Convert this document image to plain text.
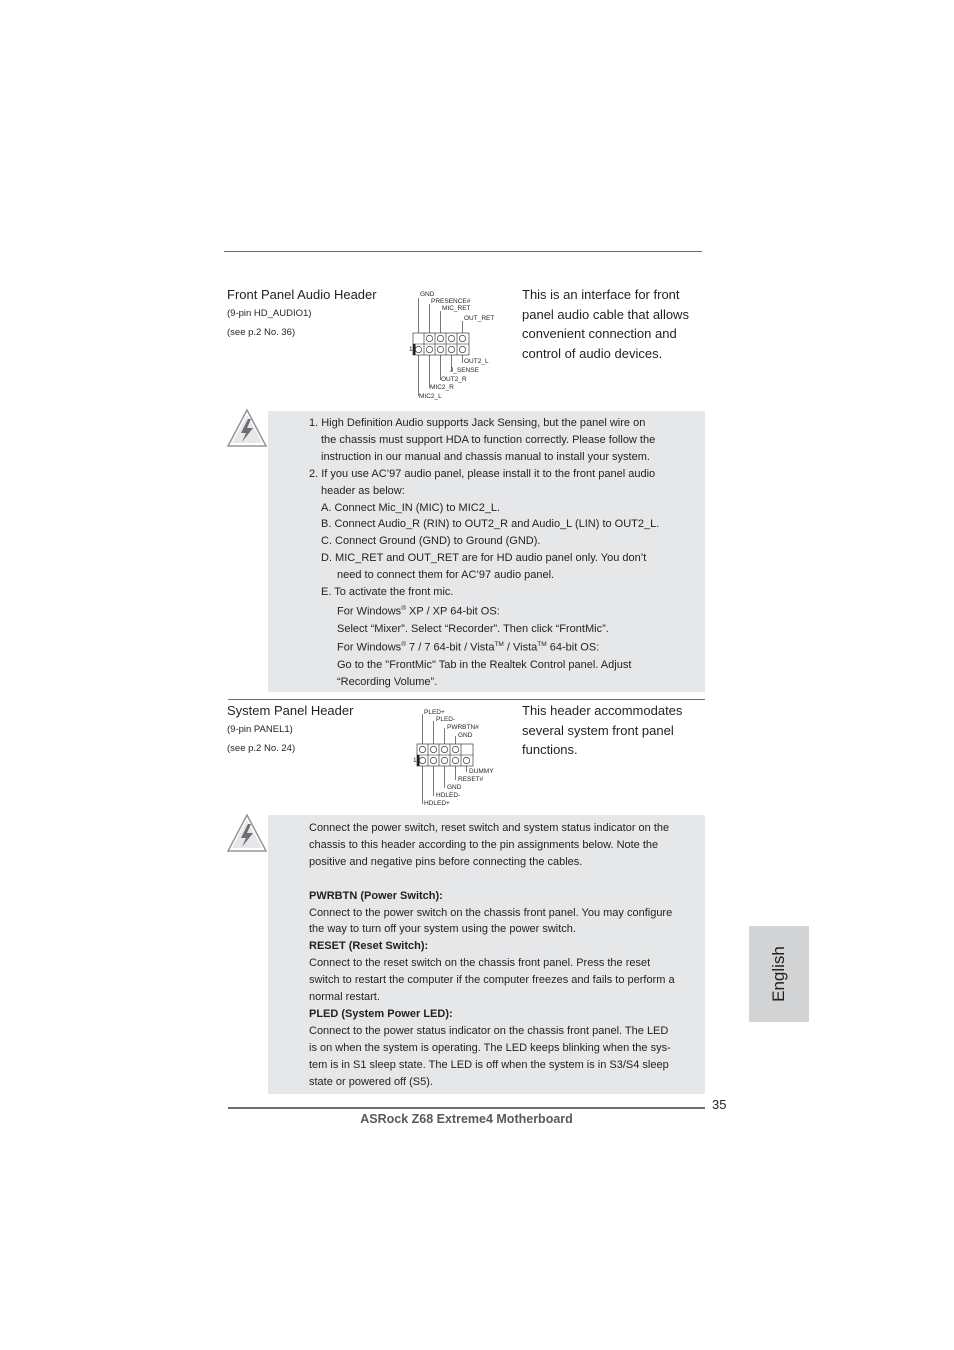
Front Panel Audio Header
(9-pin HD_AUDIO1)
(see p.2 No. 36)
This is an interface for front
panel audio cable that allows
convenient connection and
control of audio devices.
GND
PRESENCE#
MIC_RET
OUT_RET
1
OUT2_L
J_SENSE
OUT2_R
MIC2_R
MIC2_L
1. High Definition Audio supports Jack Sensing, but the panel wire on
the chassis must support HDA to function correctly. Please follow the
instruction in our manual and chassis manual to install your system.
2. If you use AC’97 audio panel, please install it to the front panel audio
header as below:
A. Connect Mic_IN (MIC) to MIC2_L.
B. Connect Audio_R (RIN) to OUT2_R and Audio_L (LIN) to OUT2_L.
C. Connect Ground (GND) to Ground (GND).
D. MIC_RET and OUT_RET are for HD audio panel only. You don’t
need to connect them for AC’97 audio panel.
E. To activate the front mic.
For Windows® XP / XP 64-bit OS:
Select “Mixer”. Select “Recorder”. Then click “FrontMic”.
For Windows® 7 / 7 64-bit / Vista™ / Vista™ 64-bit OS:
Go to the "FrontMic" Tab in the Realtek Control panel. Adjust
“Recording Volume”.
System Panel Header
(9-pin PANEL1)
(see p.2 No. 24)
This header accommodates
several system front panel
functions.
PLED+
PLED-
PWRBTN#
GND
1
DUMMY
RESET#
GND
HDLED-
HDLED+
Connect the power switch, reset switch and system status indicator on the
chassis to this header according to the pin assignments below. Note the
positive and negative pins before connecting the cables.

PWRBTN (Power Switch):
Connect to the power switch on the chassis front panel. You may configure
the way to turn off your system using the power switch.
RESET (Reset Switch):
Connect to the reset switch on the chassis front panel. Press the reset
switch to restart the computer if the computer freezes and fails to perform a
normal restart.
PLED (System Power LED):
Connect to the power status indicator on the chassis front panel. The LED
is on when the system is operating. The LED keeps blinking when the sys-
tem is in S1 sleep state. The LED is off when the system is in S3/S4 sleep
state or powered off (S5).
English
35
ASRock Z68 Extreme4 Motherboard
